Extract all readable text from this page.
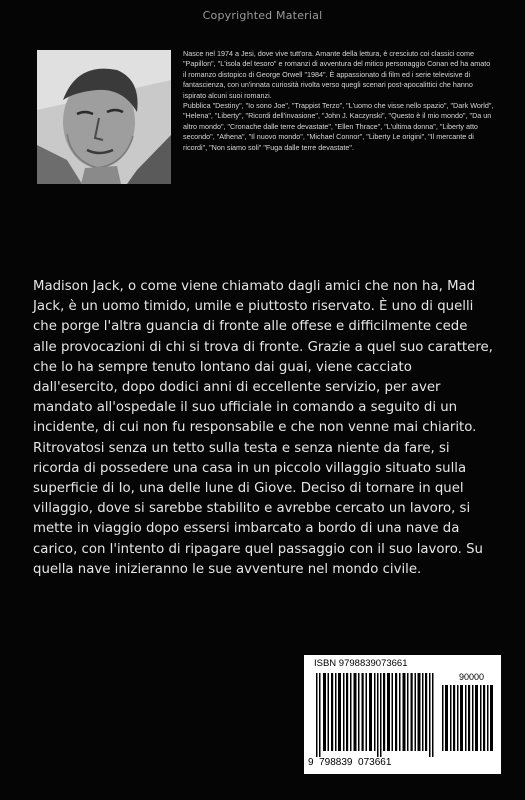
Copyrighted Material

Nasce nel 1974 a Jesi, dove vive tutt'ora. Amante della lettura, è cresciuto coi classici come "Papillon", "L'isola del tesoro" e romanzi di avventura del mitico personaggio Conan ed ha amato il romanzo distopico di George Orwell "1984". È appassionato di film ed i serie televisive di fantascienza, con un'innata curiosità rivolta verso quegli scenari post-apocalittici che hanno ispirato alcuni suoi romanzi.

Pubblica "Destiny", "Io sono Joe", "Trappist Terzo", "L'uomo che visse nello spazio", "Dark World", "Helena", "Liberty", "Ricordi dell'invasione", "John J. Kaczynski", "Questo è il mio mondo", "Da un altro mondo", "Cronache dalle terre devastate", "Ellen Thrace", "L'ultima donna", "Liberty atto secondo", "Athena", "Il nuovo mondo", "Michael Connor", "Liberty Le origini", "Il mercante di ricordi", "Non siamo soli" "Fuga dalle terre devastate".

Madison Jack, o come viene chiamato dagli amici che non ha, Mad Jack, è un uomo timido, umile e piuttosto riservato. È uno di quelli che porge l'altra guancia di fronte alle offese e difficilmente cede alle provocazioni di chi si trova di fronte. Grazie a quel suo carattere, che lo ha sempre tenuto lontano dai guai, viene cacciato dall'esercito, dopo dodici anni di eccellente servizio, per aver mandato all'ospedale il suo ufficiale in comando a seguito di un incidente, di cui non fu responsabile e che non venne mai chiarito. Ritrovatosi senza un tetto sulla testa e senza niente da fare, si ricorda di possedere una casa in un piccolo villaggio situato sulla superficie di Io, una delle lune di Giove. Deciso di tornare in quel villaggio, dove si sarebbe stabilito e avrebbe cercato un lavoro, si mette in viaggio dopo essersi imbarcato a bordo di una nave da carico, con l'intento di ripagare quel passaggio con il suo lavoro. Su quella nave inizieranno le sue avventure nel mondo civile.
ISBN 9798839073661
90000
9  798839  073661
